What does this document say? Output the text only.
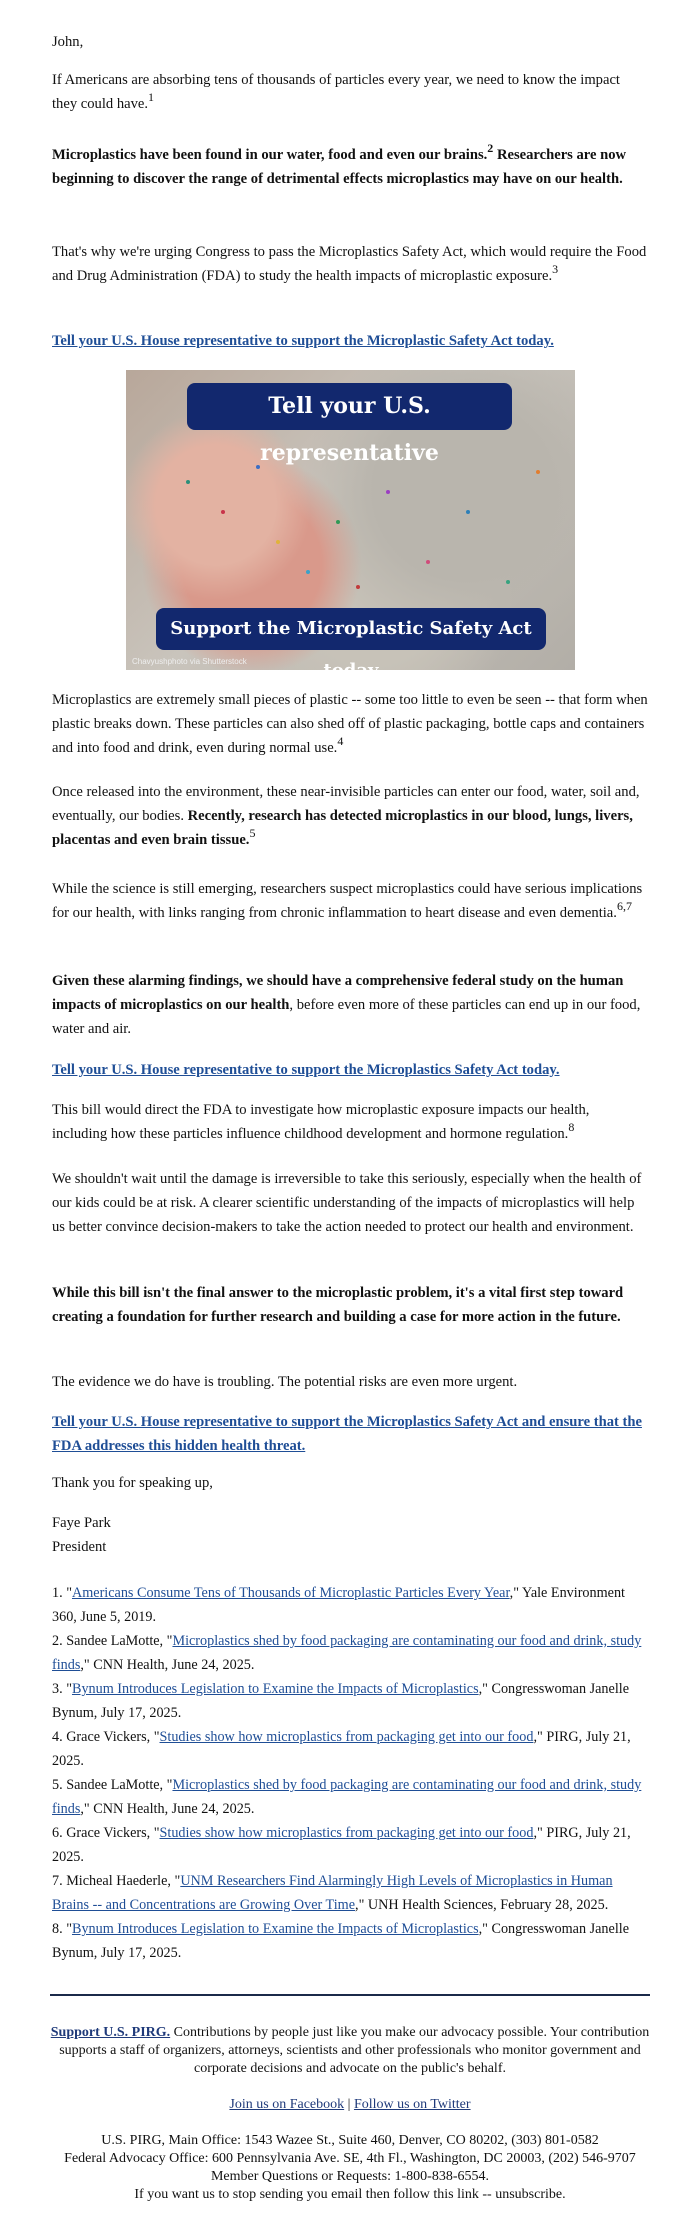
John,

If Americans are absorbing tens of thousands of particles every year, we need to know the impact they could have.$^1$

Microplastics have been found in our water, food and even our brains.$^2$ Researchers are now beginning to discover the range of detrimental effects microplastics may have on our health.

That's why we're urging Congress to pass the Microplastics Safety Act, which would require the Food and Drug Administration (FDA) to study the health impacts of microplastic exposure.$^3$

Tell your U.S. House representative to support the Microplastic Safety Act today.
Tell your U.S. representative
Support the Microplastic Safety Act today
Chavyushphoto via Shutterstock

Microplastics are extremely small pieces of plastic -- some too little to even be seen -- that form when plastic breaks down. These particles can also shed off of plastic packaging, bottle caps and containers and into food and drink, even during normal use.$^4$

Once released into the environment, these near-invisible particles can enter our food, water, soil and, eventually, our bodies. Recently, research has detected microplastics in our blood, lungs, livers, placentas and even brain tissue.$^5$

While the science is still emerging, researchers suspect microplastics could have serious implications for our health, with links ranging from chronic inflammation to heart disease and even dementia.$^{6,7}$

Given these alarming findings, we should have a comprehensive federal study on the human impacts of microplastics on our health, before even more of these particles can end up in our food, water and air.

Tell your U.S. House representative to support the Microplastics Safety Act today.

This bill would direct the FDA to investigate how microplastic exposure impacts our health, including how these particles influence childhood development and hormone regulation.$^8$

We shouldn't wait until the damage is irreversible to take this seriously, especially when the health of our kids could be at risk. A clearer scientific understanding of the impacts of microplastics will help us better convince decision-makers to take the action needed to protect our health and environment.

While this bill isn't the final answer to the microplastic problem, it's a vital first step toward creating a foundation for further research and building a case for more action in the future.

The evidence we do have is troubling. The potential risks are even more urgent.

Tell your U.S. House representative to support the Microplastics Safety Act and ensure that the FDA addresses this hidden health threat.

Thank you for speaking up,

Faye Park

President

1. "Americans Consume Tens of Thousands of Microplastic Particles Every Year," Yale Environment 360, June 5, 2019.

2. Sandee LaMotte, "Microplastics shed by food packaging are contaminating our food and drink, study finds," CNN Health, June 24, 2025.

3. "Bynum Introduces Legislation to Examine the Impacts of Microplastics," Congresswoman Janelle Bynum, July 17, 2025.

4. Grace Vickers, "Studies show how microplastics from packaging get into our food," PIRG, July 21, 2025.

5. Sandee LaMotte, "Microplastics shed by food packaging are contaminating our food and drink, study finds," CNN Health, June 24, 2025.

6. Grace Vickers, "Studies show how microplastics from packaging get into our food," PIRG, July 21, 2025.

7. Micheal Haederle, "UNM Researchers Find Alarmingly High Levels of Microplastics in Human Brains -- and Concentrations are Growing Over Time," UNH Health Sciences, February 28, 2025.

8. "Bynum Introduces Legislation to Examine the Impacts of Microplastics," Congresswoman Janelle Bynum, July 17, 2025.

Support U.S. PIRG. Contributions by people just like you make our advocacy possible. Your contribution supports a staff of organizers, attorneys, scientists and other professionals who monitor government and corporate decisions and advocate on the public's behalf.
Join us on Facebook | Follow us on Twitter
U.S. PIRG, Main Office: 1543 Wazee St., Suite 460, Denver, CO 80202, (303) 801-0582
Federal Advocacy Office: 600 Pennsylvania Ave. SE, 4th Fl., Washington, DC 20003, (202) 546-9707
Member Questions or Requests: 1-800-838-6554.
If you want us to stop sending you email then follow this link -- unsubscribe.
